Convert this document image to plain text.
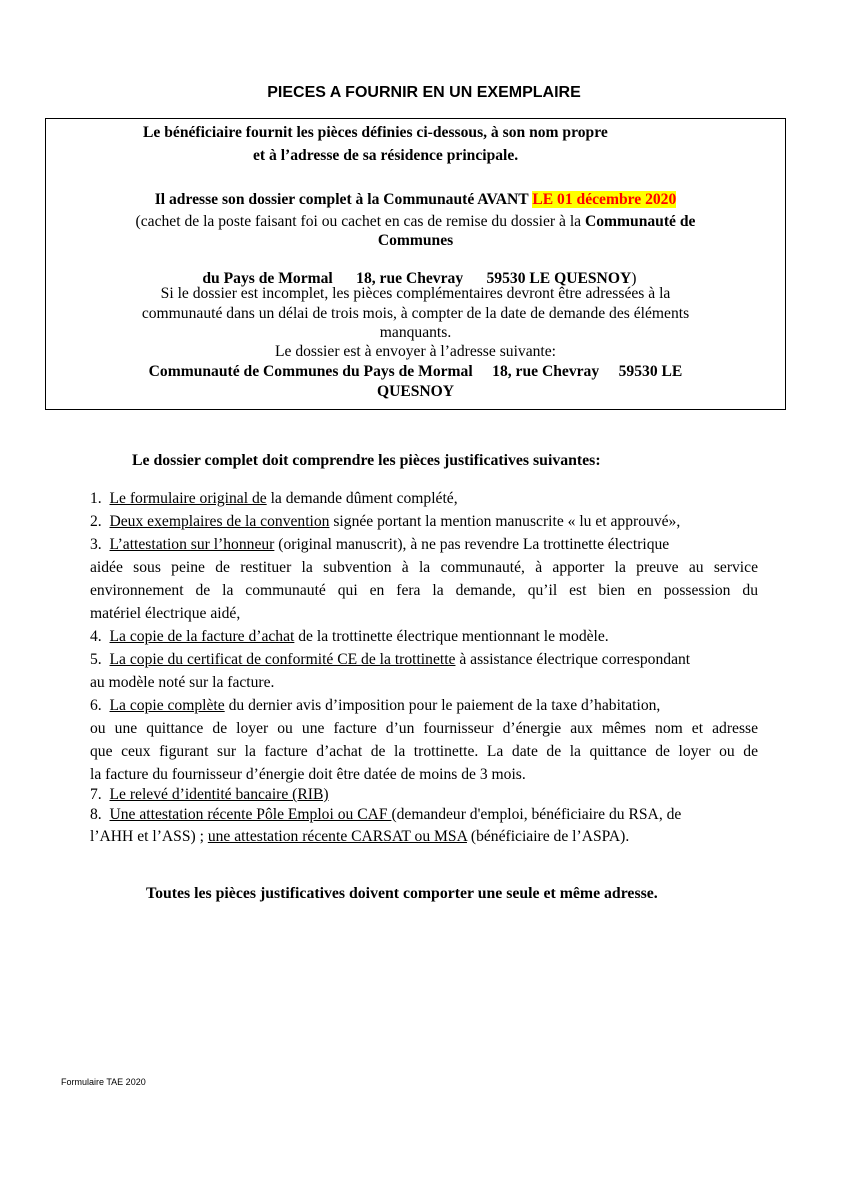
PIECES A FOURNIR EN UN EXEMPLAIRE
Le bénéficiaire fournit les pièces définies ci-dessous, à son nom propre
et à l’adresse de sa résidence principale.
Il adresse son dossier complet à la Communauté AVANT LE 01 décembre 2020
(cachet de la poste faisant foi ou cachet en cas de remise du dossier à la Communauté de
Communes

du Pays de Mormal      18, rue Chevray      59530 LE QUESNOY)

Si le dossier est incomplet, les pièces complémentaires devront être adressées à la
communauté dans un délai de trois mois, à compter de la date de demande des éléments
manquants.
Le dossier est à envoyer à l’adresse suivante:
Communauté de Communes du Pays de Mormal     18, rue Chevray     59530 LE
QUESNOY
Le dossier complet doit comprendre les pièces justificatives suivantes:
1. Le formulaire original de la demande dûment complété,
2. Deux exemplaires de la convention signée portant la mention manuscrite « lu et approuvé»,
3. L’attestation sur l’honneur (original manuscrit), à ne pas revendre La trottinette électrique
aidée sous peine de restituer la subvention à la communauté, à apporter la preuve au service
environnement de la communauté qui en fera la demande, qu’il est bien en possession du
matériel électrique aidé,
4. La copie de la facture d’achat de la trottinette électrique mentionnant le modèle.
5. La copie du certificat de conformité CE de la trottinette à assistance électrique correspondant
au modèle noté sur la facture.
6. La copie complète du dernier avis d’imposition pour le paiement de la taxe d’habitation,
ou une quittance de loyer ou une facture d’un fournisseur d’énergie aux mêmes nom et adresse
que ceux figurant sur la facture d’achat de la trottinette. La date de la quittance de loyer ou de
la facture du fournisseur d’énergie doit être datée de moins de 3 mois.
7. Le relevé d’identité bancaire (RIB)
8. Une attestation récente Pôle Emploi ou CAF (demandeur d'emploi, bénéficiaire du RSA, de
l’AHH et l’ASS) ; une attestation récente CARSAT ou MSA (bénéficiaire de l’ASPA).
Toutes les pièces justificatives doivent comporter une seule et même adresse.
Formulaire TAE 2020
